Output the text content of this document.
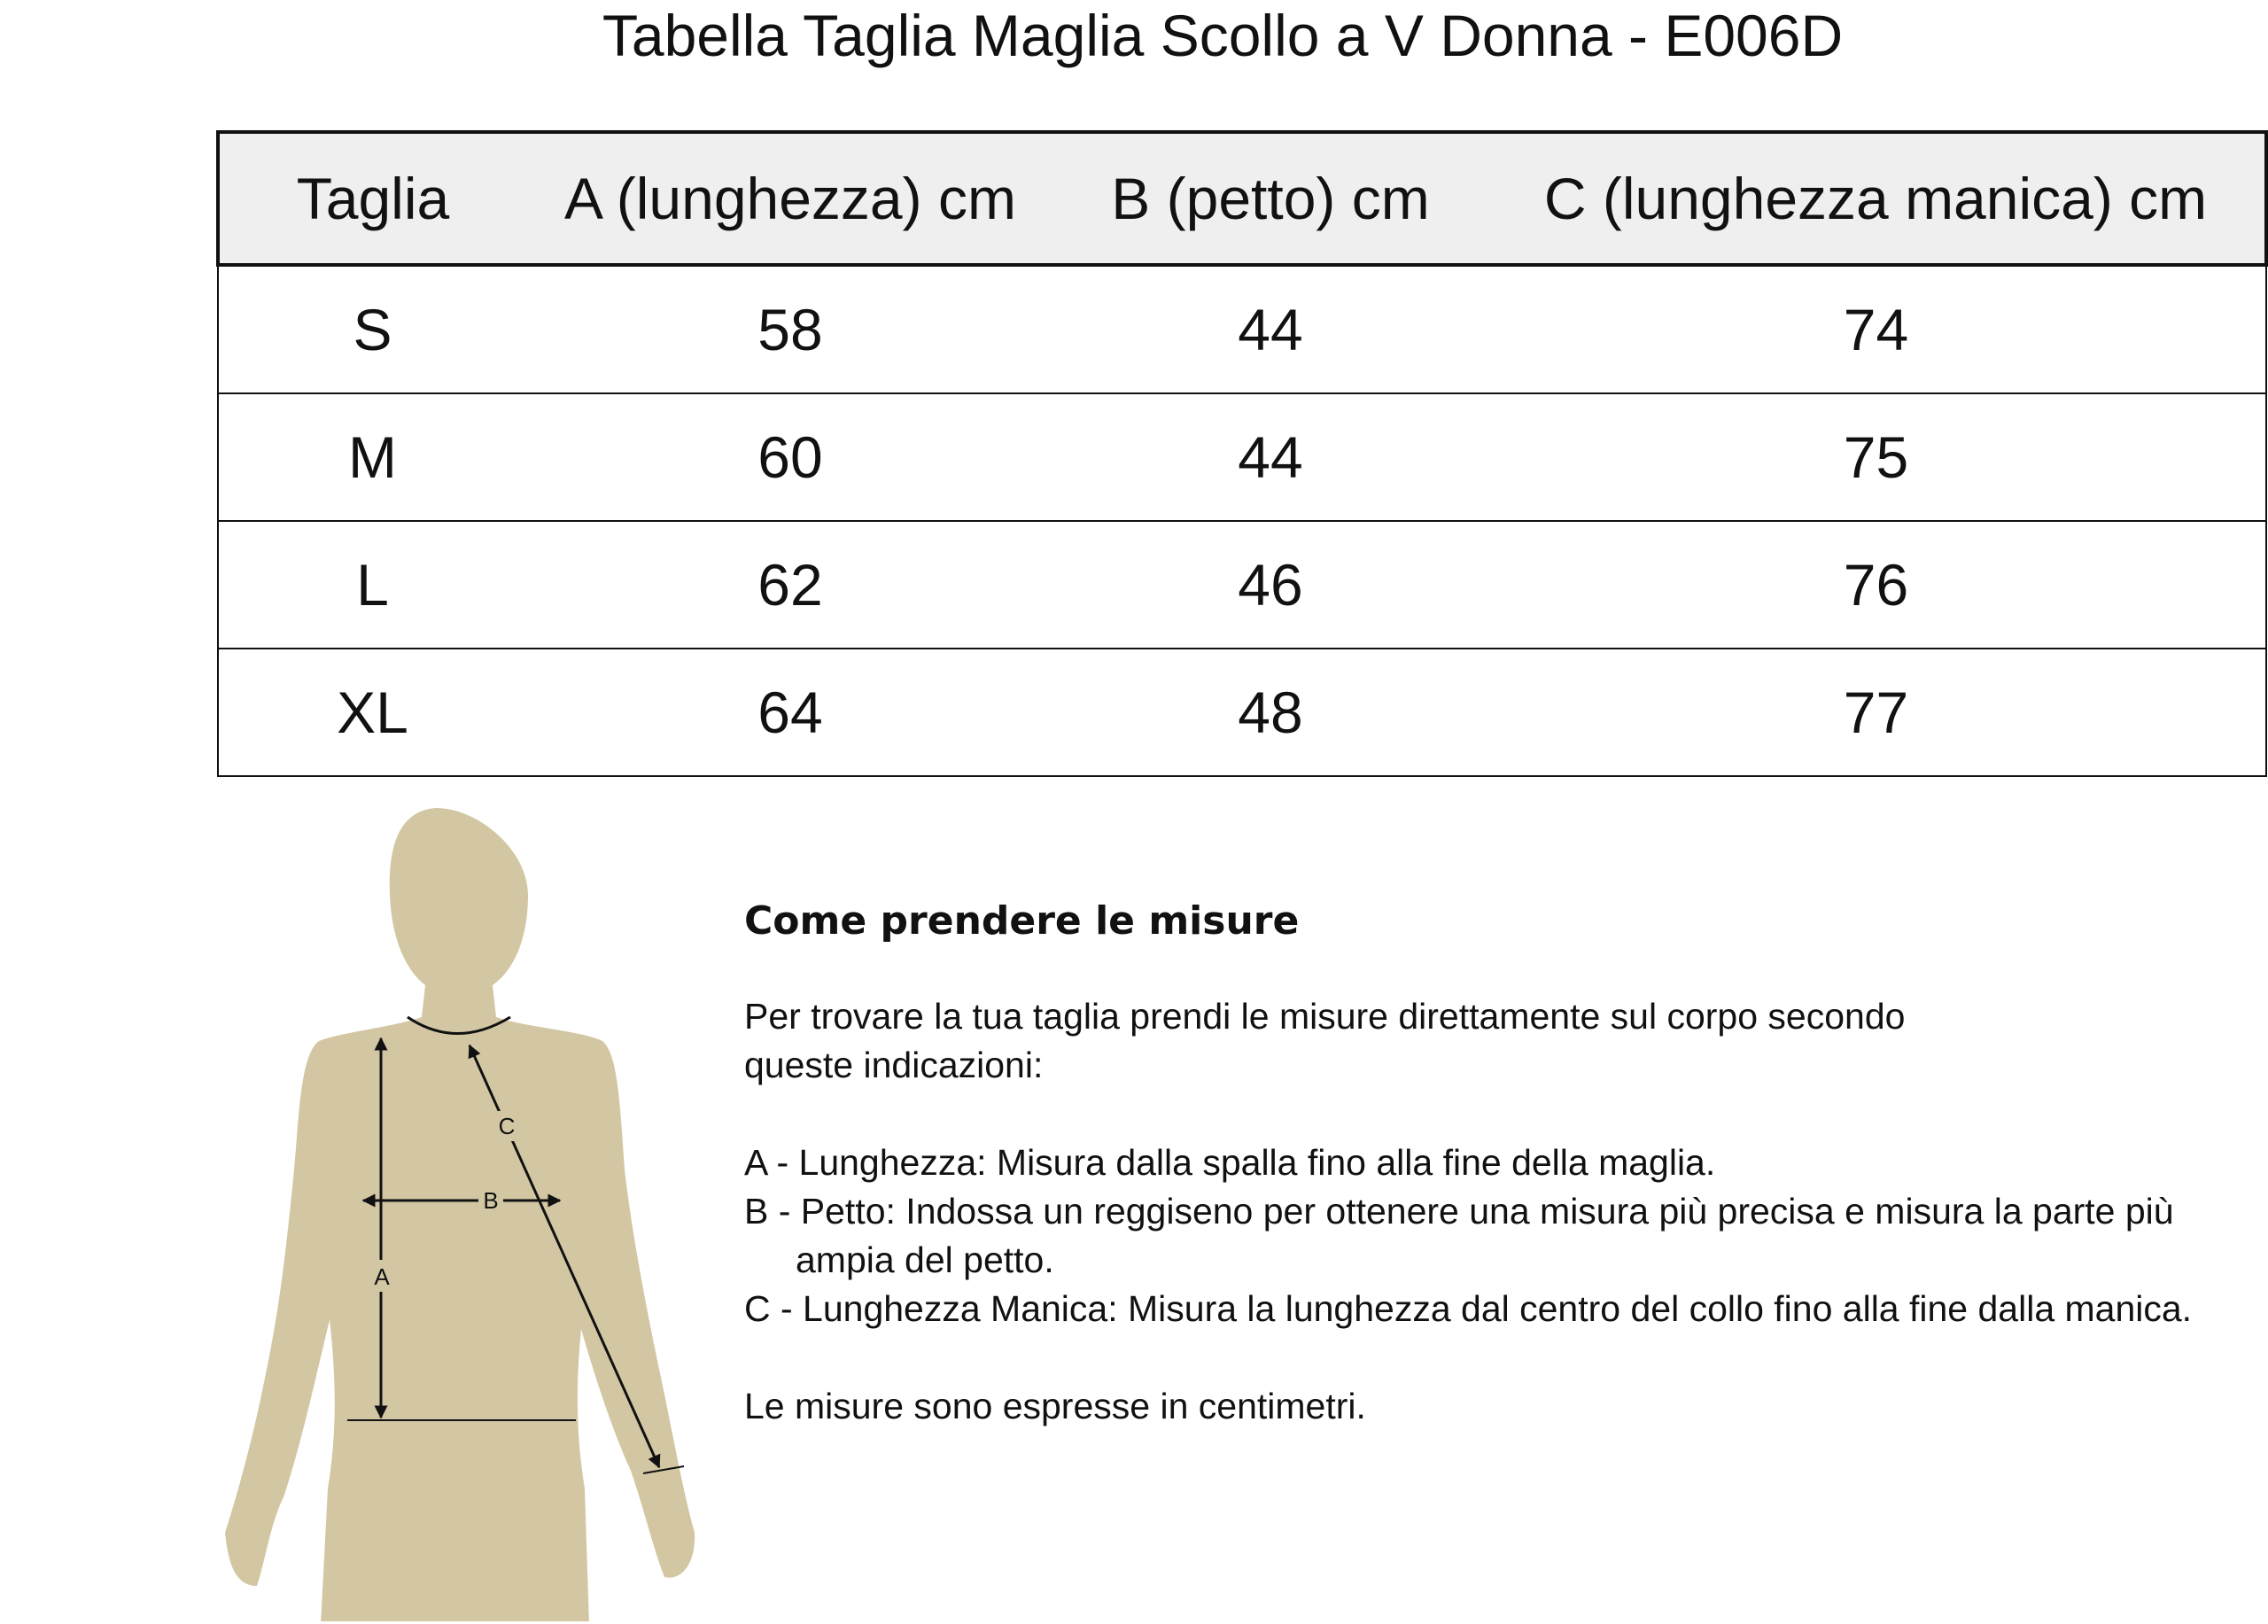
Tabella Taglia Maglia Scollo a V Donna - E006D
Taglia	A (lunghezza) cm	B (petto) cm	C (lunghezza manica) cm
S	58	44	74
M	60	44	75
L	62	46	76
XL	64	48	77
A
B
C
Come prendere le misure

Per trovare la tua taglia prendi le misure direttamente sul corpo secondo queste indicazioni:

A - Lunghezza: Misura dalla spalla fino alla fine della maglia.
B - Petto: Indossa un reggiseno per ottenere una misura più precisa e misura la parte più ampia del petto.
C - Lunghezza Manica: Misura la lunghezza dal centro del collo fino alla fine dalla manica.

Le misure sono espresse in centimetri.
